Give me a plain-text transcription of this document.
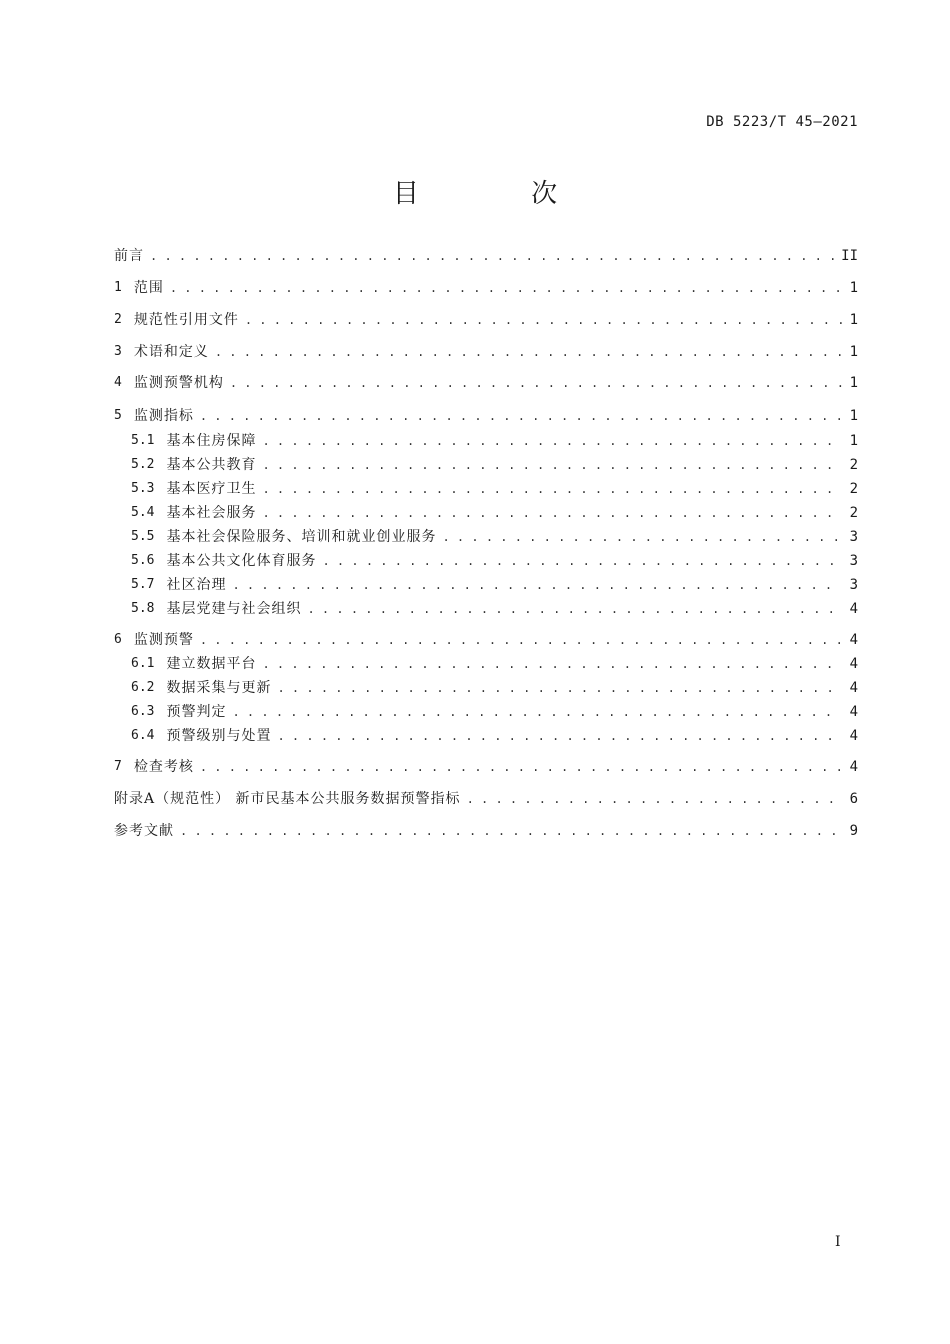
DB 5223/T 45—2021
目 次
前言 . . .	II
1 范围 . . .	1
2 规范性引用文件 . . .	1
3 术语和定义 . . .	1
4 监测预警机构 . . .	1
5 监测指标 . . .	1
5.1 基本住房保障 . . .	1
5.2 基本公共教育 . . .	2
5.3 基本医疗卫生 . . .	2
5.4 基本社会服务 . . .	2
5.5 基本社会保险服务、培训和就业创业服务 . . .	3
5.6 基本公共文化体育服务 . . .	3
5.7 社区治理 . . .	3
5.8 基层党建与社会组织 . . .	4
6 监测预警 . . .	4
6.1 建立数据平台 . . .	4
6.2 数据采集与更新 . . .	4
6.3 预警判定 . . .	4
6.4 预警级别与处置 . . .	4
7 检查考核 . . .	4
附录A（规范性） 新市民基本公共服务数据预警指标 . . .	6
参考文献 . . .	9
I
